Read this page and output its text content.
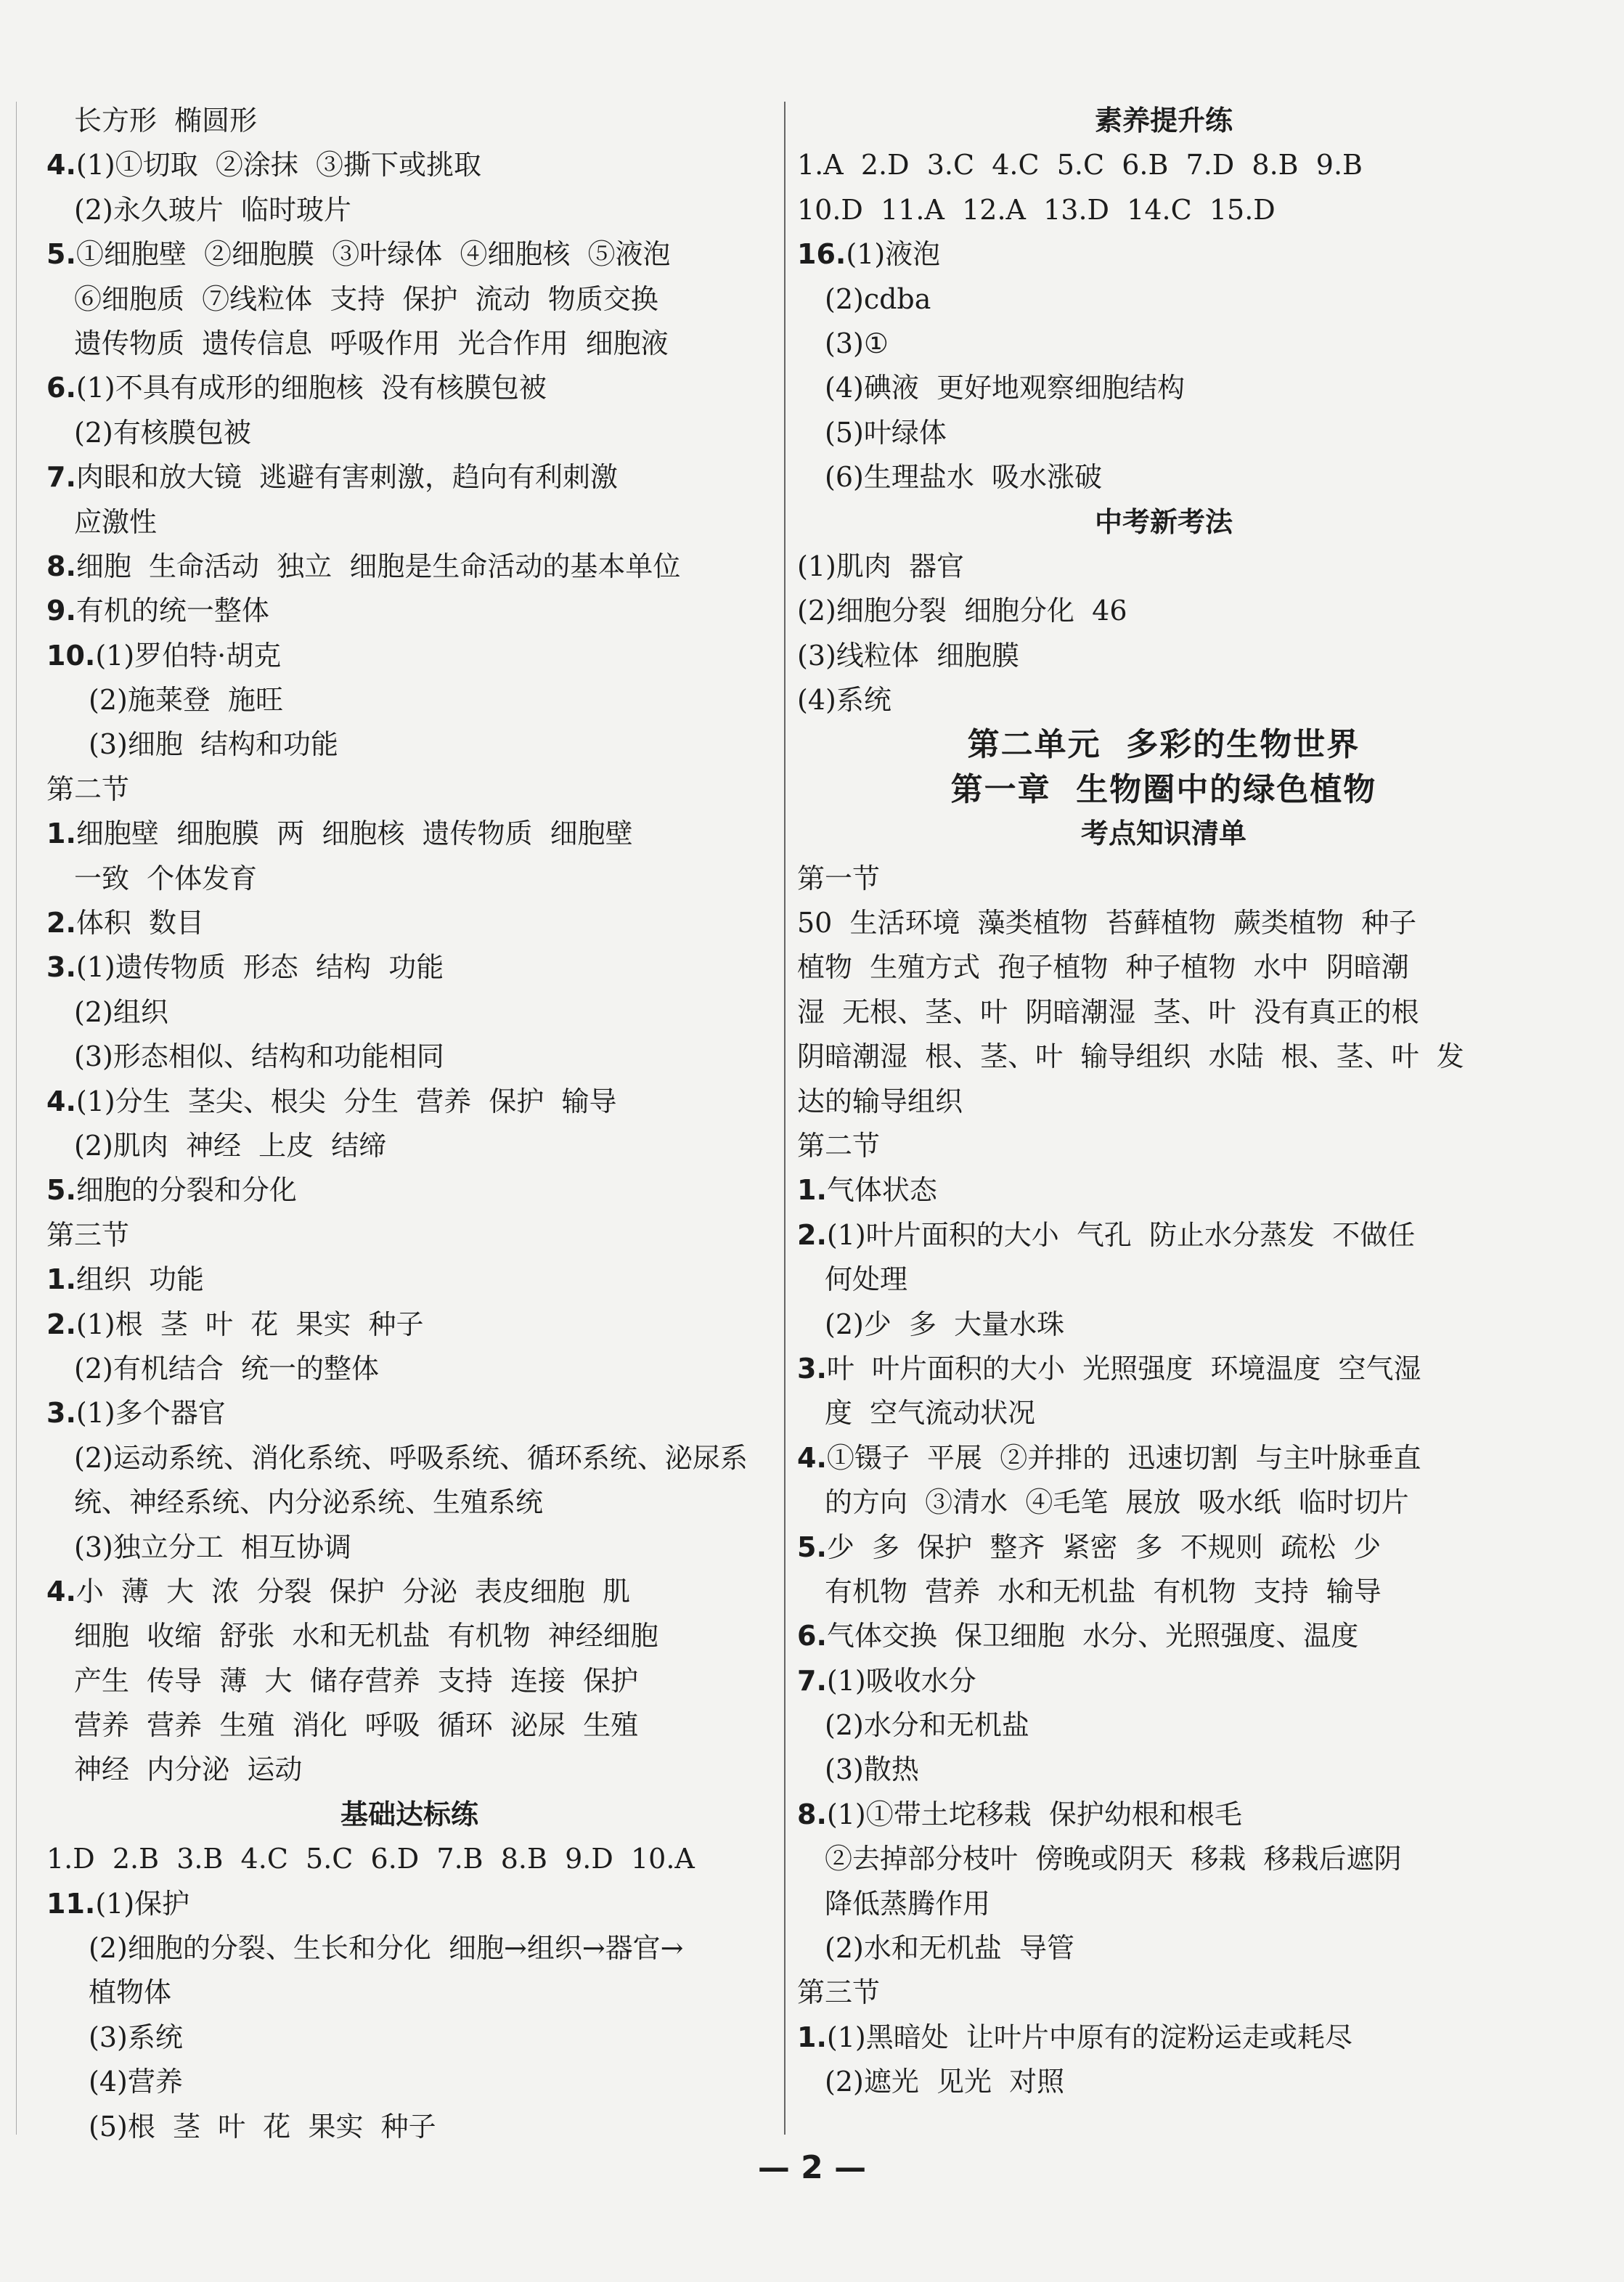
长方形  椭圆形
4.(1)①切取  ②涂抹  ③撕下或挑取
(2)永久玻片  临时玻片
5.①细胞壁  ②细胞膜  ③叶绿体  ④细胞核  ⑤液泡
⑥细胞质  ⑦线粒体  支持  保护  流动  物质交换
遗传物质  遗传信息  呼吸作用  光合作用  细胞液
6.(1)不具有成形的细胞核  没有核膜包被
(2)有核膜包被
7.肉眼和放大镜  逃避有害刺激，趋向有利刺激
应激性
8.细胞  生命活动  独立  细胞是生命活动的基本单位
9.有机的统一整体
10.(1)罗伯特·胡克
(2)施莱登  施旺
(3)细胞  结构和功能
第二节
1.细胞壁  细胞膜  两  细胞核  遗传物质  细胞壁
一致  个体发育
2.体积  数目
3.(1)遗传物质  形态  结构  功能
(2)组织
(3)形态相似、结构和功能相同
4.(1)分生  茎尖、根尖  分生  营养  保护  输导
(2)肌肉  神经  上皮  结缔
5.细胞的分裂和分化
第三节
1.组织  功能
2.(1)根  茎  叶  花  果实  种子
(2)有机结合  统一的整体
3.(1)多个器官
(2)运动系统、消化系统、呼吸系统、循环系统、泌尿系
统、神经系统、内分泌系统、生殖系统
(3)独立分工  相互协调
4.小  薄  大  浓  分裂  保护  分泌  表皮细胞  肌
细胞  收缩  舒张  水和无机盐  有机物  神经细胞
产生  传导  薄  大  储存营养  支持  连接  保护
营养  营养  生殖  消化  呼吸  循环  泌尿  生殖
神经  内分泌  运动
基础达标练
1.D  2.B  3.B  4.C  5.C  6.D  7.B  8.B  9.D  10.A
11.(1)保护
(2)细胞的分裂、生长和分化  细胞→组织→器官→
植物体
(3)系统
(4)营养
(5)根  茎  叶  花  果实  种子
素养提升练
1.A  2.D  3.C  4.C  5.C  6.B  7.D  8.B  9.B
10.D  11.A  12.A  13.D  14.C  15.D
16.(1)液泡
(2)cdba
(3)①
(4)碘液  更好地观察细胞结构
(5)叶绿体
(6)生理盐水  吸水涨破
中考新考法
(1)肌肉  器官
(2)细胞分裂  细胞分化  46
(3)线粒体  细胞膜
(4)系统
第二单元  多彩的生物世界
第一章  生物圈中的绿色植物
考点知识清单
第一节
50  生活环境  藻类植物  苔藓植物  蕨类植物  种子
植物  生殖方式  孢子植物  种子植物  水中  阴暗潮
湿  无根、茎、叶  阴暗潮湿  茎、叶  没有真正的根
阴暗潮湿  根、茎、叶  输导组织  水陆  根、茎、叶  发
达的输导组织
第二节
1.气体状态
2.(1)叶片面积的大小  气孔  防止水分蒸发  不做任
何处理
(2)少  多  大量水珠
3.叶  叶片面积的大小  光照强度  环境温度  空气湿
度  空气流动状况
4.①镊子  平展  ②并排的  迅速切割  与主叶脉垂直
的方向  ③清水  ④毛笔  展放  吸水纸  临时切片
5.少  多  保护  整齐  紧密  多  不规则  疏松  少
有机物  营养  水和无机盐  有机物  支持  输导
6.气体交换  保卫细胞  水分、光照强度、温度
7.(1)吸收水分
(2)水分和无机盐
(3)散热
8.(1)①带土坨移栽  保护幼根和根毛
②去掉部分枝叶  傍晚或阴天  移栽  移栽后遮阴
降低蒸腾作用
(2)水和无机盐  导管
第三节
1.(1)黑暗处  让叶片中原有的淀粉运走或耗尽
(2)遮光  见光  对照
— 2 —
